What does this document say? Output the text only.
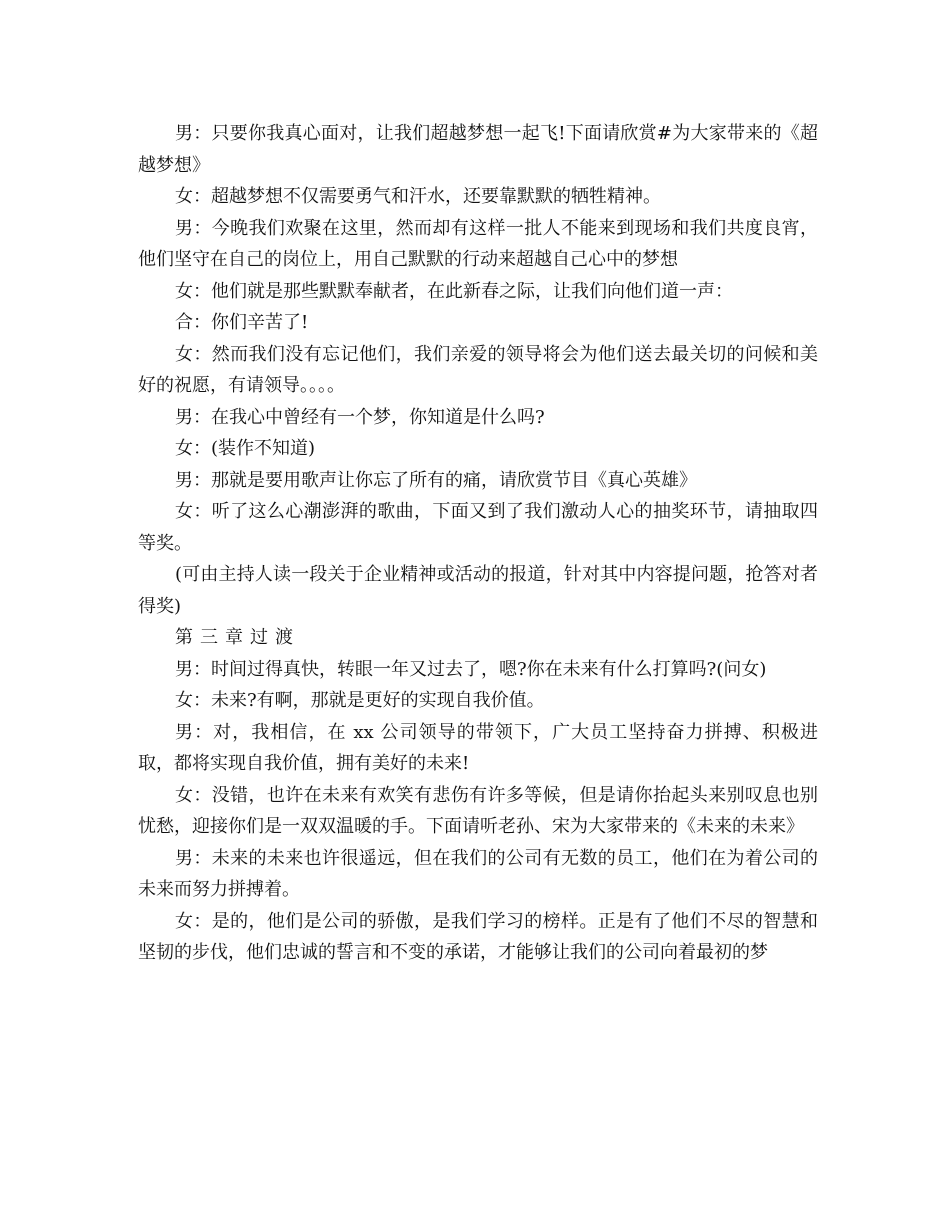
男：只要你我真心面对，让我们超越梦想一起飞!下面请欣赏#为大家带来的《超越梦想》

女：超越梦想不仅需要勇气和汗水，还要靠默默的牺牲精神。

男：今晚我们欢聚在这里，然而却有这样一批人不能来到现场和我们共度良宵，他们坚守在自己的岗位上，用自己默默的行动来超越自己心中的梦想

女：他们就是那些默默奉献者，在此新春之际，让我们向他们道一声：

合：你们辛苦了!

女：然而我们没有忘记他们，我们亲爱的领导将会为他们送去最关切的问候和美好的祝愿，有请领导。。。。

男：在我心中曾经有一个梦，你知道是什么吗?

女：(装作不知道)

男：那就是要用歌声让你忘了所有的痛，请欣赏节目《真心英雄》

女：听了这么心潮澎湃的歌曲，下面又到了我们激动人心的抽奖环节，请抽取四等奖。

(可由主持人读一段关于企业精神或活动的报道，针对其中内容提问题，抢答对者得奖)

第三章过渡

男：时间过得真快，转眼一年又过去了，嗯?你在未来有什么打算吗?(问女)

女：未来?有啊，那就是更好的实现自我价值。

男：对，我相信，在 xx 公司领导的带领下，广大员工坚持奋力拼搏、积极进取，都将实现自我价值，拥有美好的未来!

女：没错，也许在未来有欢笑有悲伤有许多等候，但是请你抬起头来别叹息也别忧愁，迎接你们是一双双温暖的手。下面请听老孙、宋为大家带来的《未来的未来》

男：未来的未来也许很遥远，但在我们的公司有无数的员工，他们在为着公司的未来而努力拼搏着。

女：是的，他们是公司的骄傲，是我们学习的榜样。正是有了他们不尽的智慧和坚韧的步伐，他们忠诚的誓言和不变的承诺，才能够让我们的公司向着最初的梦
